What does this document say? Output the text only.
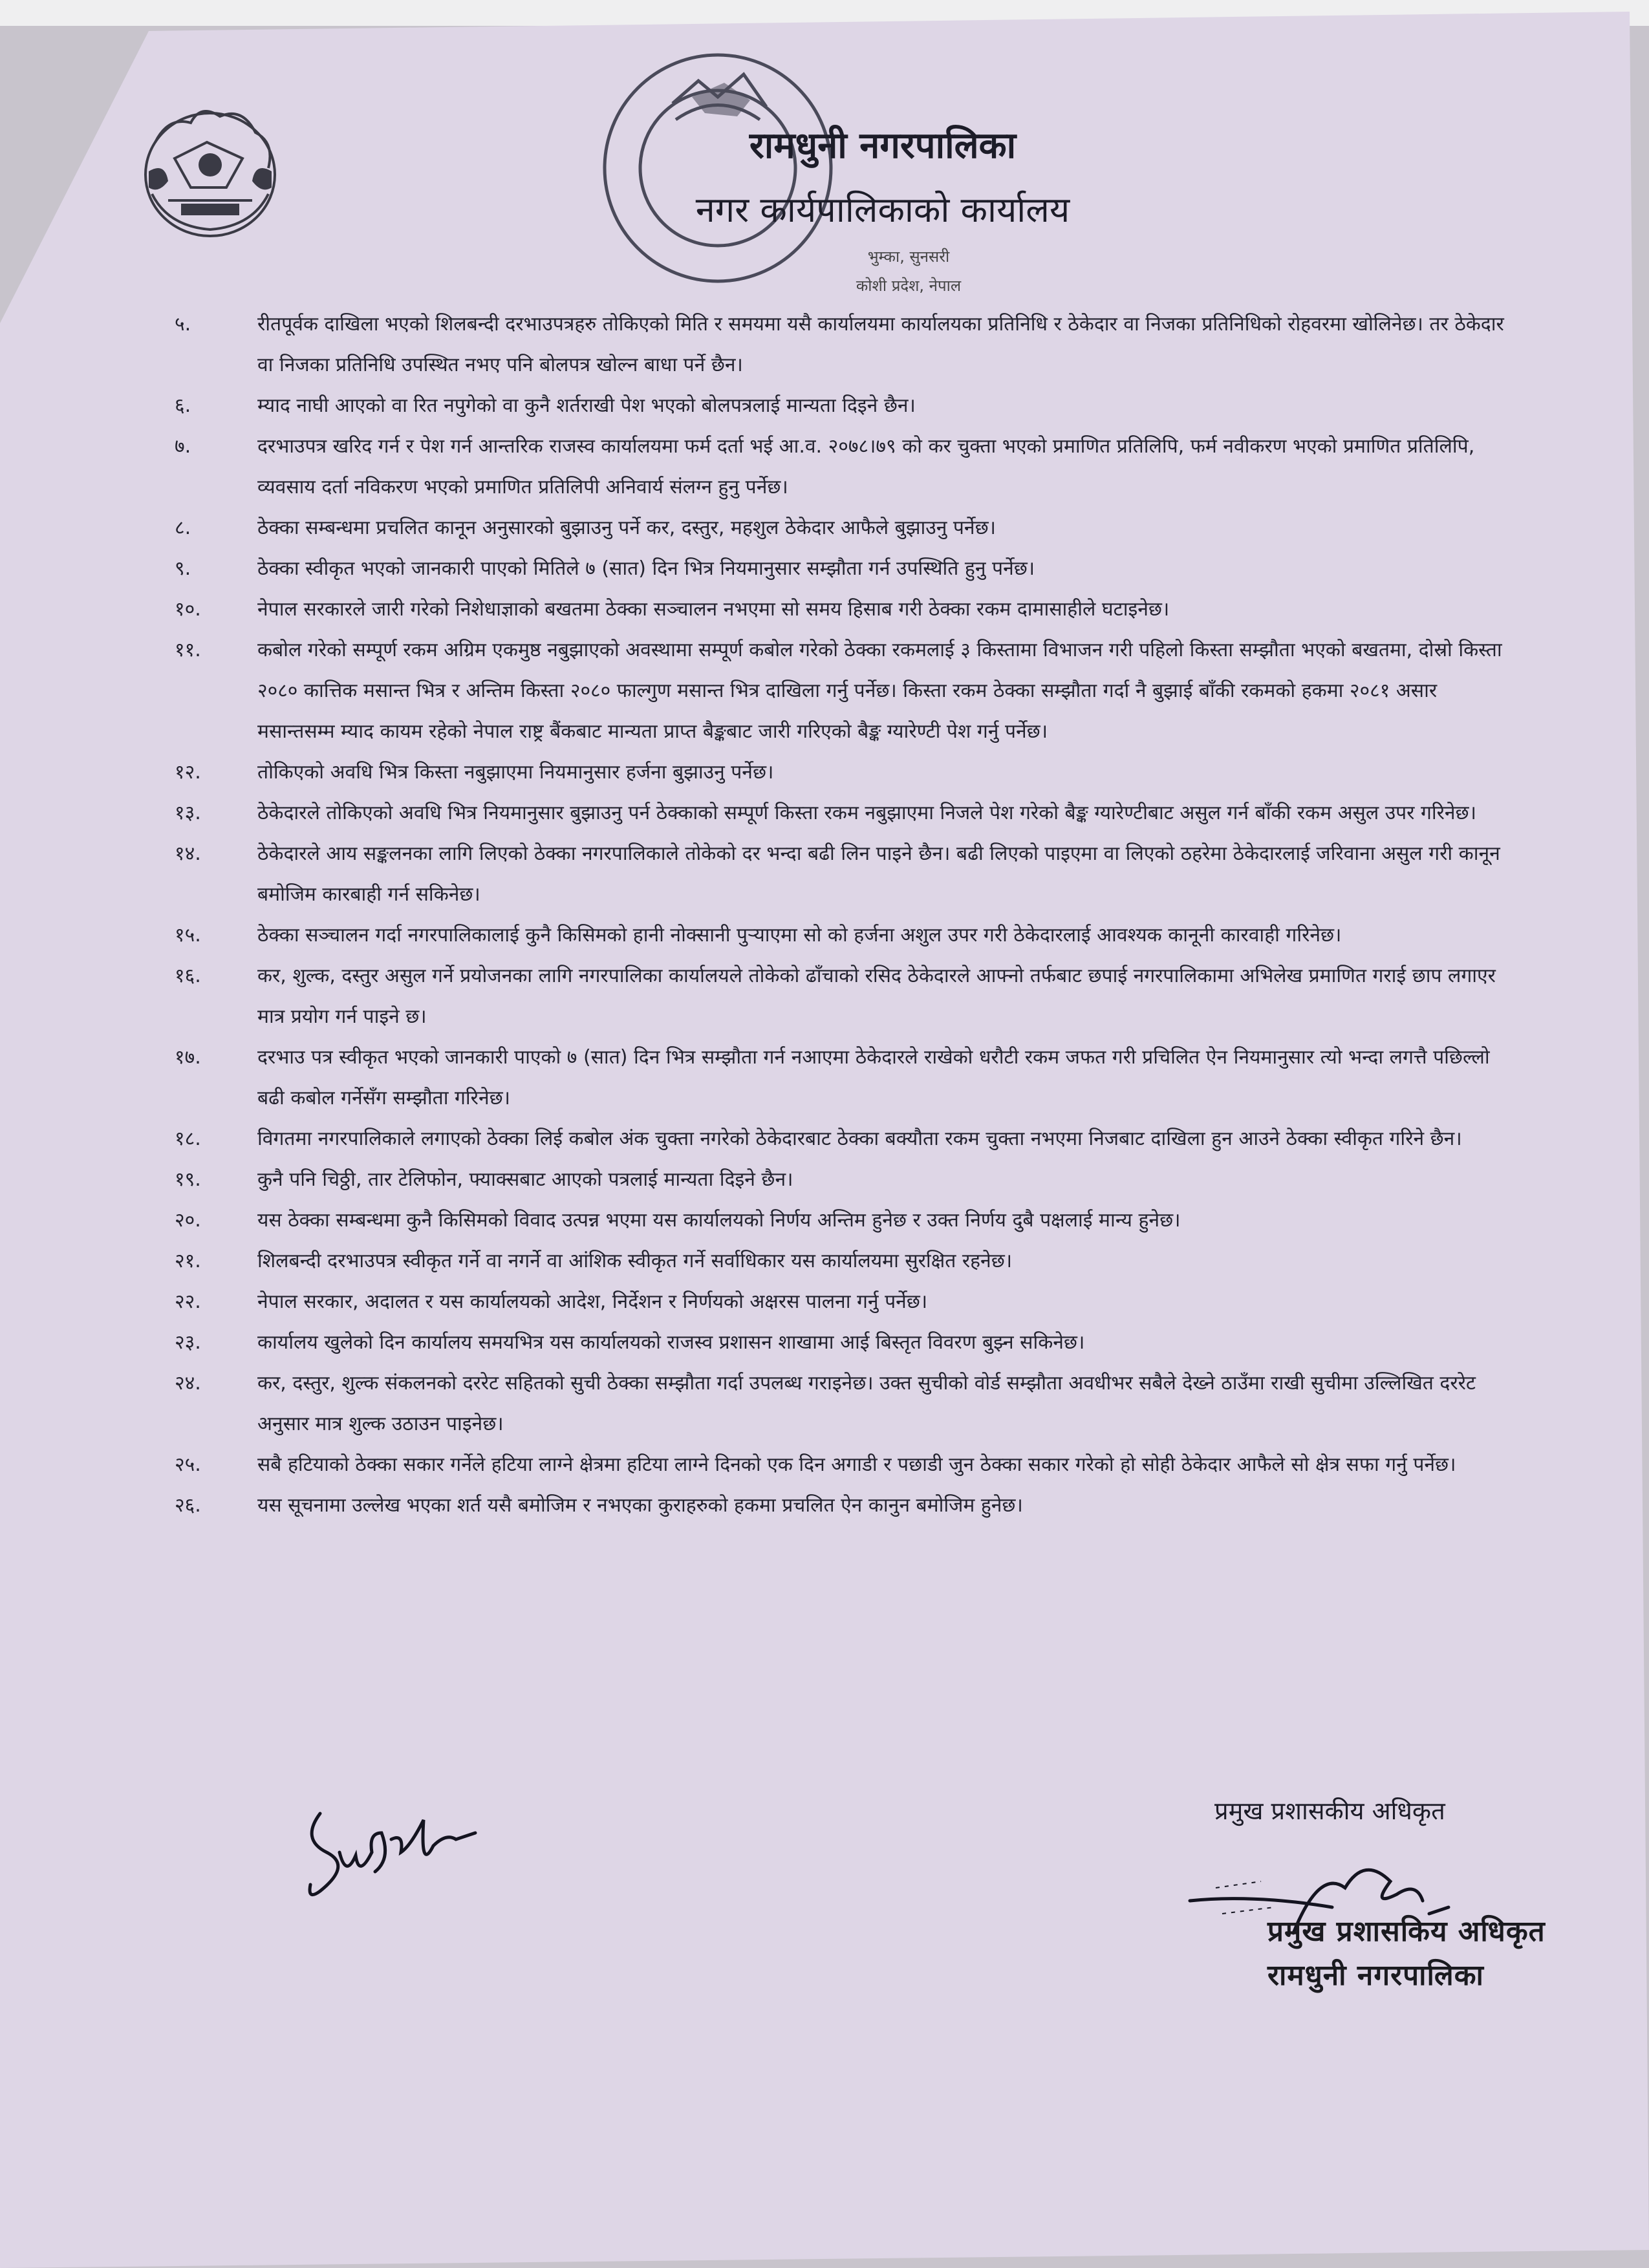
रामधुनी नगरपालिका
नगर कार्यपालिकाको कार्यालय
भुम्का, सुनसरी
कोशी प्रदेश, नेपाल
५.	रीतपूर्वक दाखिला भएको शिलबन्दी दरभाउपत्रहरु तोकिएको मिति र समयमा यसै कार्यालयमा कार्यालयका प्रतिनिधि र ठेकेदार वा निजका प्रतिनिधिको रोहवरमा खोलिनेछ। तर ठेकेदार वा निजका प्रतिनिधि उपस्थित नभए पनि बोलपत्र खोल्न बाधा पर्ने छैन।
६.	म्याद नाघी आएको वा रित नपुगेको वा कुनै शर्तराखी पेश भएको बोलपत्रलाई मान्यता दिइने छैन।
७.	दरभाउपत्र खरिद गर्न र पेश गर्न आन्तरिक राजस्व कार्यालयमा फर्म दर्ता भई आ.व. २०७८।७९ को कर चुक्ता भएको प्रमाणित प्रतिलिपि, फर्म नवीकरण भएको प्रमाणित प्रतिलिपि, व्यवसाय दर्ता नविकरण भएको प्रमाणित प्रतिलिपी अनिवार्य संलग्न हुनु पर्नेछ।
८.	ठेक्का सम्बन्धमा प्रचलित कानून अनुसारको बुझाउनु पर्ने कर, दस्तुर, महशुल ठेकेदार आफैले बुझाउनु पर्नेछ।
९.	ठेक्का स्वीकृत भएको जानकारी पाएको मितिले ७ (सात) दिन भित्र नियमानुसार सम्झौता गर्न उपस्थिति हुनु पर्नेछ।
१०.	नेपाल सरकारले जारी गरेको निशेधाज्ञाको बखतमा ठेक्का सञ्चालन नभएमा सो समय हिसाब गरी ठेक्का रकम दामासाहीले घटाइनेछ।
११.	कबोल गरेको सम्पूर्ण रकम अग्रिम एकमुष्ठ नबुझाएको अवस्थामा सम्पूर्ण कबोल गरेको ठेक्का रकमलाई ३ किस्तामा विभाजन गरी पहिलो किस्ता सम्झौता भएको बखतमा, दोस्रो किस्ता २०८० कात्तिक मसान्त भित्र र अन्तिम किस्ता २०८० फाल्गुण मसान्त भित्र दाखिला गर्नु पर्नेछ। किस्ता रकम ठेक्का सम्झौता गर्दा नै बुझाई बाँकी रकमको हकमा २०८१ असार मसान्तसम्म म्याद कायम रहेको नेपाल राष्ट्र बैंकबाट मान्यता प्राप्त बैङ्कबाट जारी गरिएको बैङ्क ग्यारेण्टी पेश गर्नु पर्नेछ।
१२.	तोकिएको अवधि भित्र किस्ता नबुझाएमा नियमानुसार हर्जना बुझाउनु पर्नेछ।
१३.	ठेकेदारले तोकिएको अवधि भित्र नियमानुसार बुझाउनु पर्न ठेक्काको सम्पूर्ण किस्ता रकम नबुझाएमा निजले पेश गरेको बैङ्क ग्यारेण्टीबाट असुल गर्न बाँकी रकम असुल उपर गरिनेछ।
१४.	ठेकेदारले आय सङ्कलनका लागि लिएको ठेक्का नगरपालिकाले तोकेको दर भन्दा बढी लिन पाइने छैन। बढी लिएको पाइएमा वा लिएको ठहरेमा ठेकेदारलाई जरिवाना असुल गरी कानून बमोजिम कारबाही गर्न सकिनेछ।
१५.	ठेक्का सञ्चालन गर्दा नगरपालिकालाई कुनै किसिमको हानी नोक्सानी पुर्‍याएमा सो को हर्जना अशुल उपर गरी ठेकेदारलाई आवश्यक कानूनी कारवाही गरिनेछ।
१६.	कर, शुल्क, दस्तुर असुल गर्ने प्रयोजनका लागि नगरपालिका कार्यालयले तोकेको ढाँचाको रसिद ठेकेदारले आफ्नो तर्फबाट छपाई नगरपालिकामा अभिलेख प्रमाणित गराई छाप लगाएर मात्र प्रयोग गर्न पाइने छ।
१७.	दरभाउ पत्र स्वीकृत भएको जानकारी पाएको ७ (सात) दिन भित्र सम्झौता गर्न नआएमा ठेकेदारले राखेको धरौटी रकम जफत गरी प्रचिलित ऐन नियमानुसार त्यो भन्दा लगत्तै पछिल्लो बढी कबोल गर्नेसँग सम्झौता गरिनेछ।
१८.	विगतमा नगरपालिकाले लगाएको ठेक्का लिई कबोल अंक चुक्ता नगरेको ठेकेदारबाट ठेक्का बक्यौता रकम चुक्ता नभएमा निजबाट दाखिला हुन आउने ठेक्का स्वीकृत गरिने छैन।
१९.	कुनै पनि चिठ्ठी, तार टेलिफोन, फ्याक्सबाट आएको पत्रलाई मान्यता दिइने छैन।
२०.	यस ठेक्का सम्बन्धमा कुनै किसिमको विवाद उत्पन्न भएमा यस कार्यालयको निर्णय अन्तिम हुनेछ र उक्त निर्णय दुबै पक्षलाई मान्य हुनेछ।
२१.	शिलबन्दी दरभाउपत्र स्वीकृत गर्ने वा नगर्ने वा आंशिक स्वीकृत गर्ने सर्वाधिकार यस कार्यालयमा सुरक्षित रहनेछ।
२२.	नेपाल सरकार, अदालत र यस कार्यालयको आदेश, निर्देशन र निर्णयको अक्षरस पालना गर्नु पर्नेछ।
२३.	कार्यालय खुलेको दिन कार्यालय समयभित्र यस कार्यालयको राजस्व प्रशासन शाखामा आई बिस्तृत विवरण बुझ्न सकिनेछ।
२४.	कर, दस्तुर, शुल्क संकलनको दररेट सहितको सुची ठेक्का सम्झौता गर्दा उपलब्ध गराइनेछ। उक्त सुचीको वोर्ड सम्झौता अवधीभर सबैले देख्ने ठाउँमा राखी सुचीमा उल्लिखित दररेट अनुसार मात्र शुल्क उठाउन पाइनेछ।
२५.	सबै हटियाको ठेक्का सकार गर्नेले हटिया लाग्ने क्षेत्रमा हटिया लाग्ने दिनको एक दिन अगाडी र पछाडी जुन ठेक्का सकार गरेको हो सोही ठेकेदार आफैले सो क्षेत्र सफा गर्नु पर्नेछ।
२६.	यस सूचनामा उल्लेख भएका शर्त यसै बमोजिम र नभएका कुराहरुको हकमा प्रचलित ऐन कानुन बमोजिम हुनेछ।
प्रमुख प्रशासकीय अधिकृत
प्रमुख प्रशासकिय अधिकृत
रामधुनी नगरपालिका
